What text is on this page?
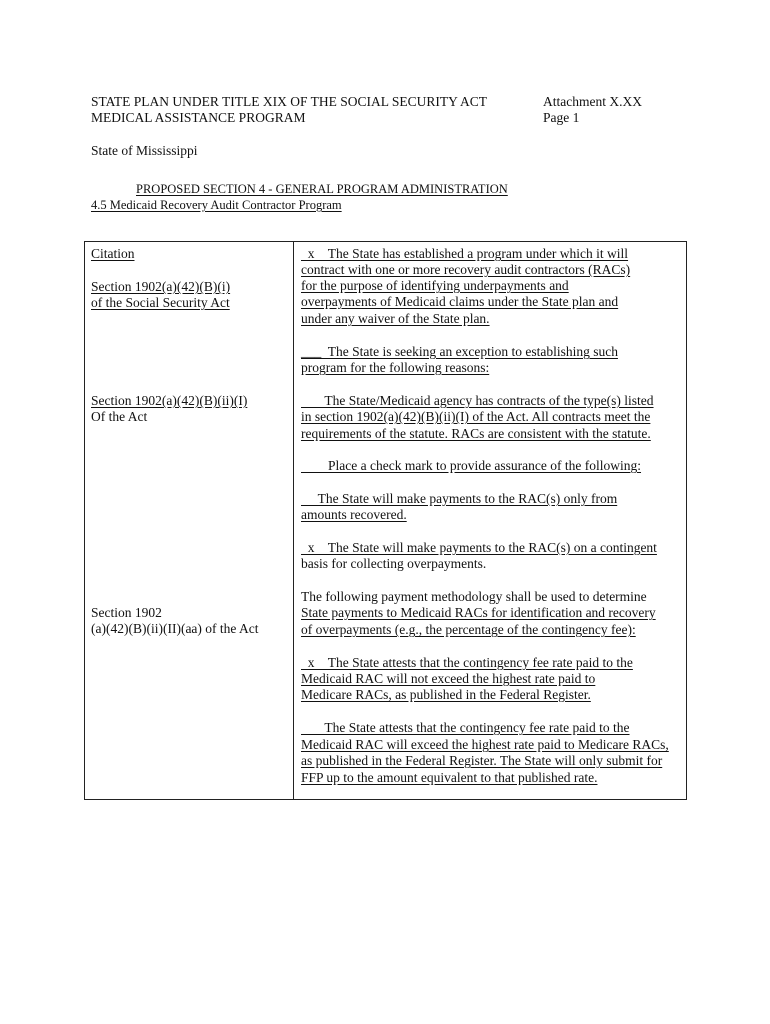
STATE PLAN UNDER TITLE XIX OF THE SOCIAL SECURITY ACT
MEDICAL ASSISTANCE PROGRAM
Attachment X.XX
Page 1
State of Mississippi
PROPOSED SECTION 4 - GENERAL PROGRAM ADMINISTRATION
4.5 Medicaid Recovery Audit Contractor Program
Citation
Section 1902(a)(42)(B)(i)
of the Social Security Act
Section 1902(a)(42)(B)(ii)(I)
Of the Act
Section 1902
(a)(42)(B)(ii)(II)(aa) of the Act
x    The State has established a program under which it will
contract with one or more recovery audit contractors (RACs)
for the purpose of identifying underpayments and
overpayments of Medicaid claims under the State plan and
under any waiver of the State plan.
___  The State is seeking an exception to establishing such
program for the following reasons:
The State/Medicaid agency has contracts of the type(s) listed
in section 1902(a)(42)(B)(ii)(I) of the Act. All contracts meet the
requirements of the statute. RACs are consistent with the statute.
Place a check mark to provide assurance of the following:
The State will make payments to the RAC(s) only from
amounts recovered.
x    The State will make payments to the RAC(s) on a contingent
basis for collecting overpayments.
The following payment methodology shall be used to determine
State payments to Medicaid RACs for identification and recovery
of overpayments (e.g., the percentage of the contingency fee):
x    The State attests that the contingency fee rate paid to the
Medicaid RAC will not exceed the highest rate paid to
Medicare RACs, as published in the Federal Register.
The State attests that the contingency fee rate paid to the
Medicaid RAC will exceed the highest rate paid to Medicare RACs,
as published in the Federal Register. The State will only submit for
FFP up to the amount equivalent to that published rate.
